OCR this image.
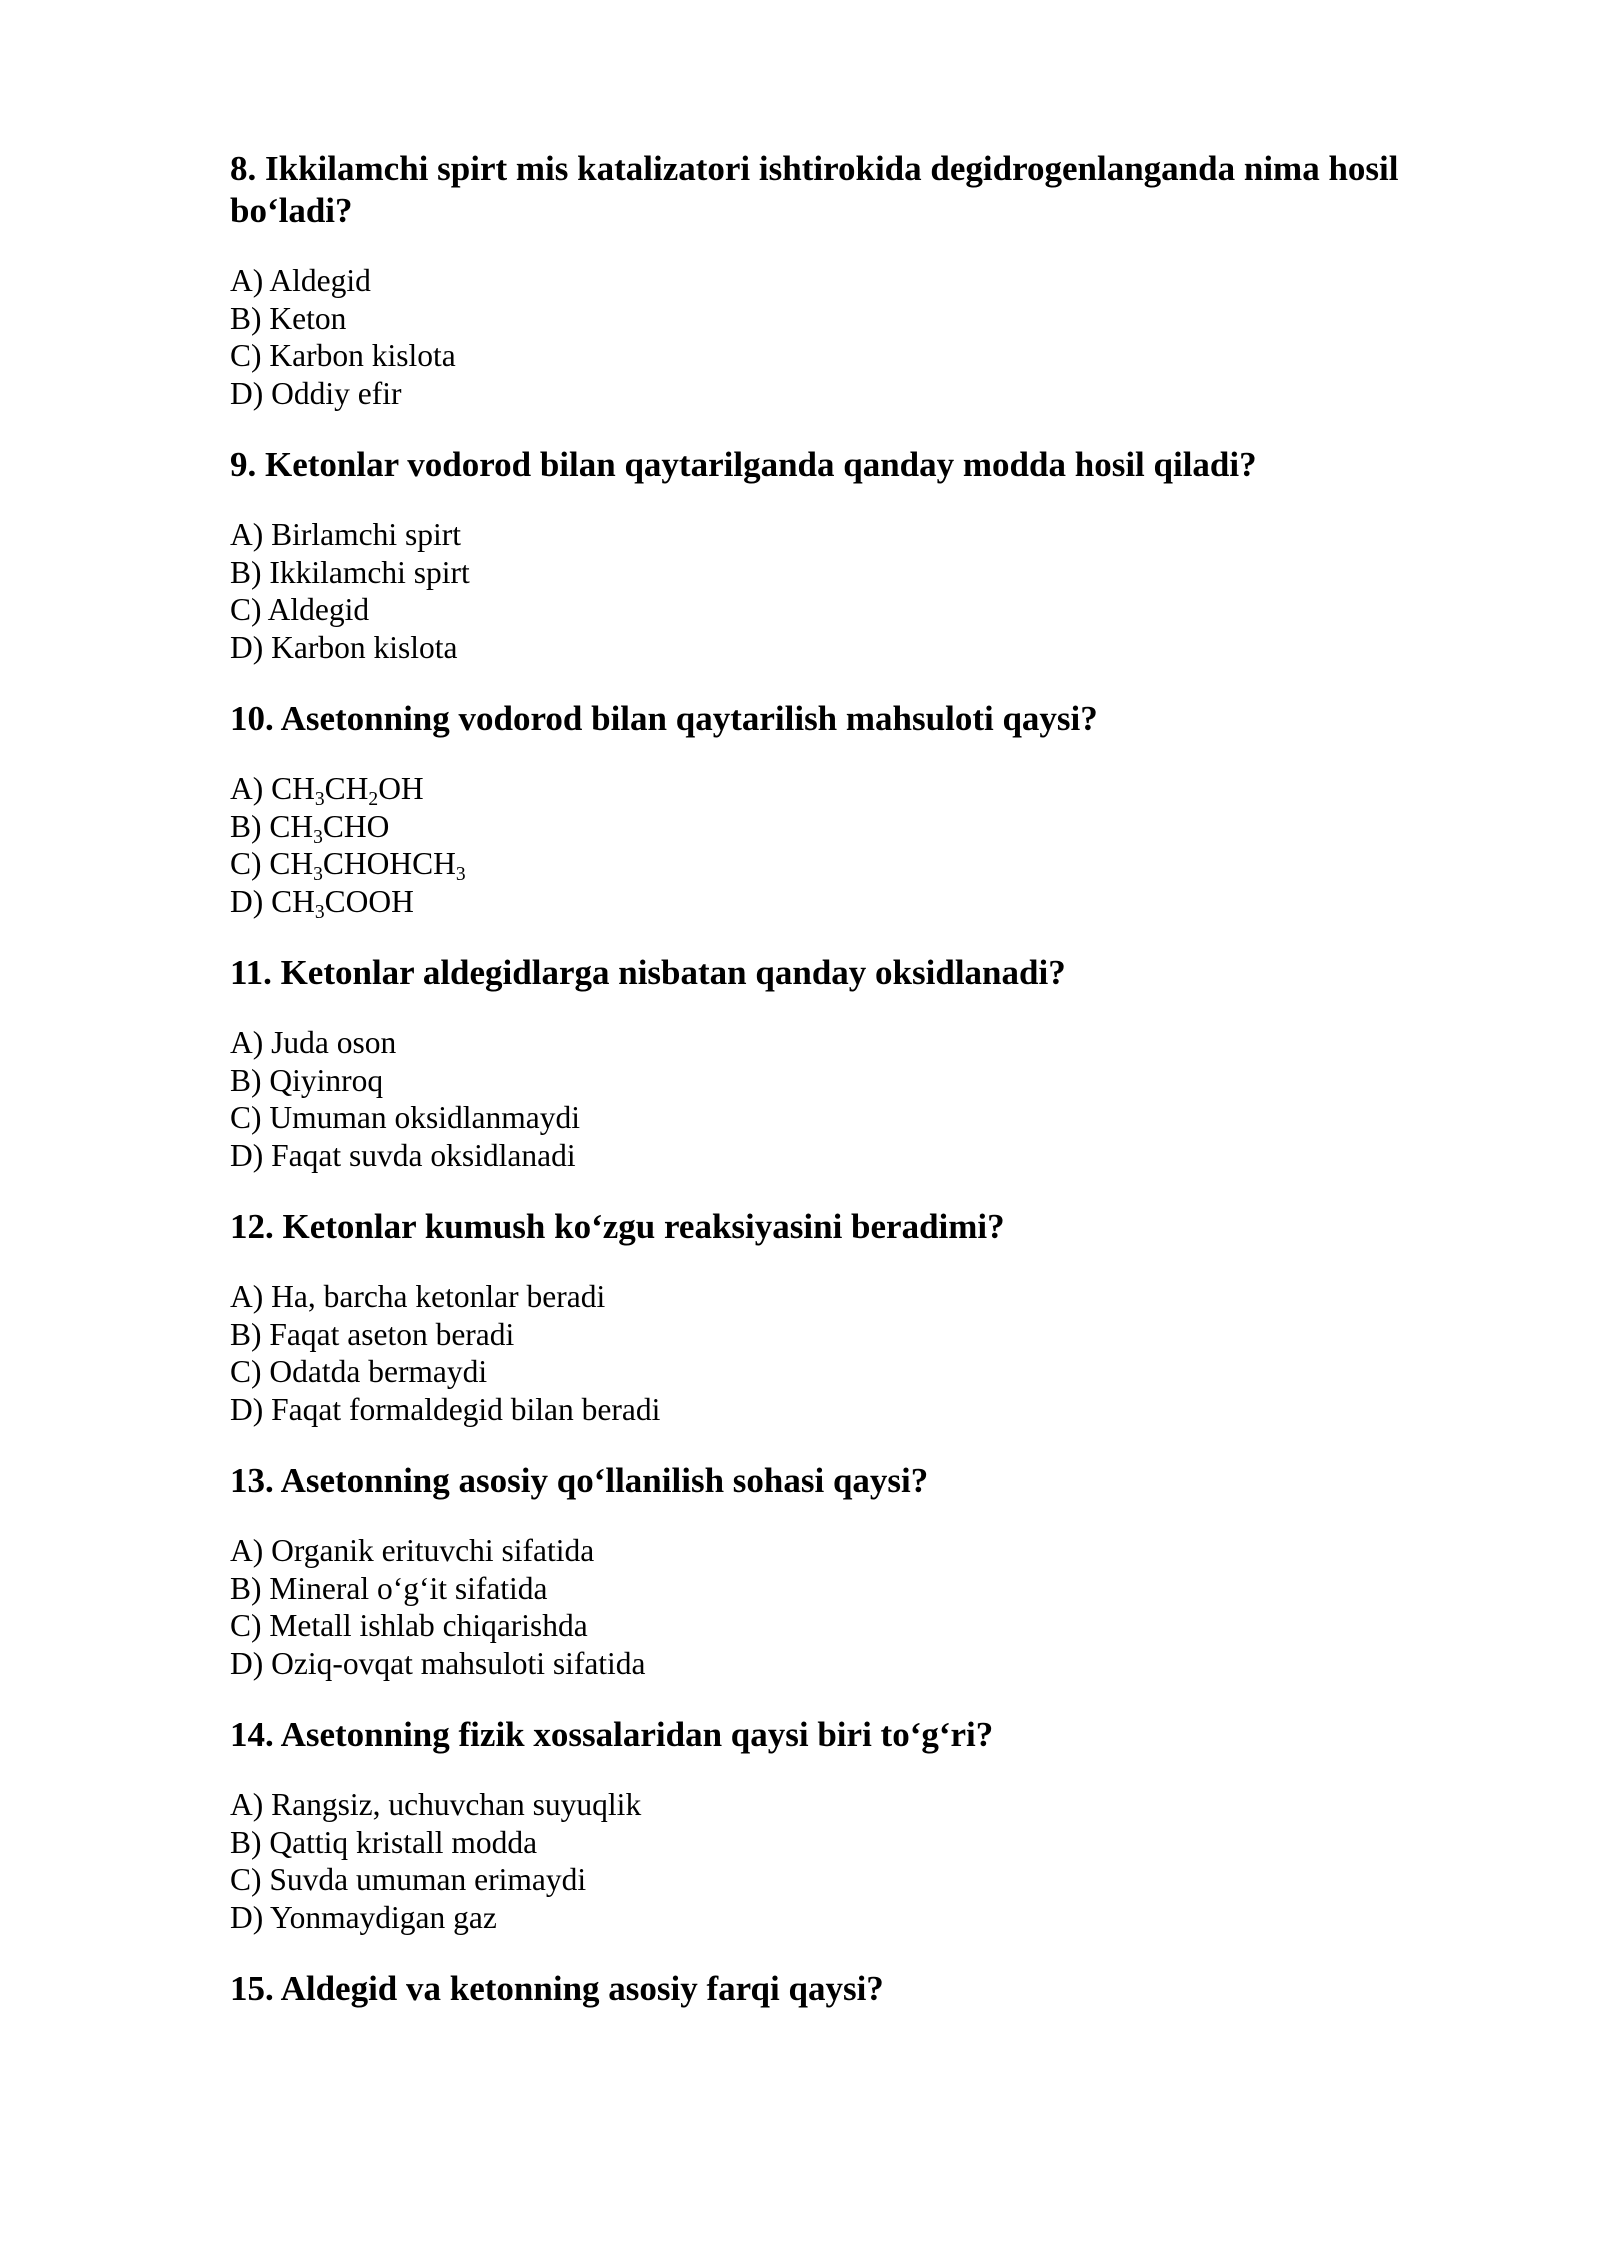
8. Ikkilamchi spirt mis katalizatori ishtirokida degidrogenlanganda nima hosil bo‘ladi?
A) Aldegid
B) Keton
C) Karbon kislota
D) Oddiy efir
9. Ketonlar vodorod bilan qaytarilganda qanday modda hosil qiladi?
A) Birlamchi spirt
B) Ikkilamchi spirt
C) Aldegid
D) Karbon kislota
10. Asetonning vodorod bilan qaytarilish mahsuloti qaysi?
A) $CH_3CH_2OH$
B) $CH_3CHO$
C) $CH_3CHOHCH_3$
D) $CH_3COOH$
11. Ketonlar aldegidlarga nisbatan qanday oksidlanadi?
A) Juda oson
B) Qiyinroq
C) Umuman oksidlanmaydi
D) Faqat suvda oksidlanadi
12. Ketonlar kumush ko‘zgu reaksiyasini beradimi?
A) Ha, barcha ketonlar beradi
B) Faqat aseton beradi
C) Odatda bermaydi
D) Faqat formaldegid bilan beradi
13. Asetonning asosiy qo‘llanilish sohasi qaysi?
A) Organik erituvchi sifatida
B) Mineral o‘g‘it sifatida
C) Metall ishlab chiqarishda
D) Oziq-ovqat mahsuloti sifatida
14. Asetonning fizik xossalaridan qaysi biri to‘g‘ri?
A) Rangsiz, uchuvchan suyuqlik
B) Qattiq kristall modda
C) Suvda umuman erimaydi
D) Yonmaydigan gaz
15. Aldegid va ketonning asosiy farqi qaysi?
